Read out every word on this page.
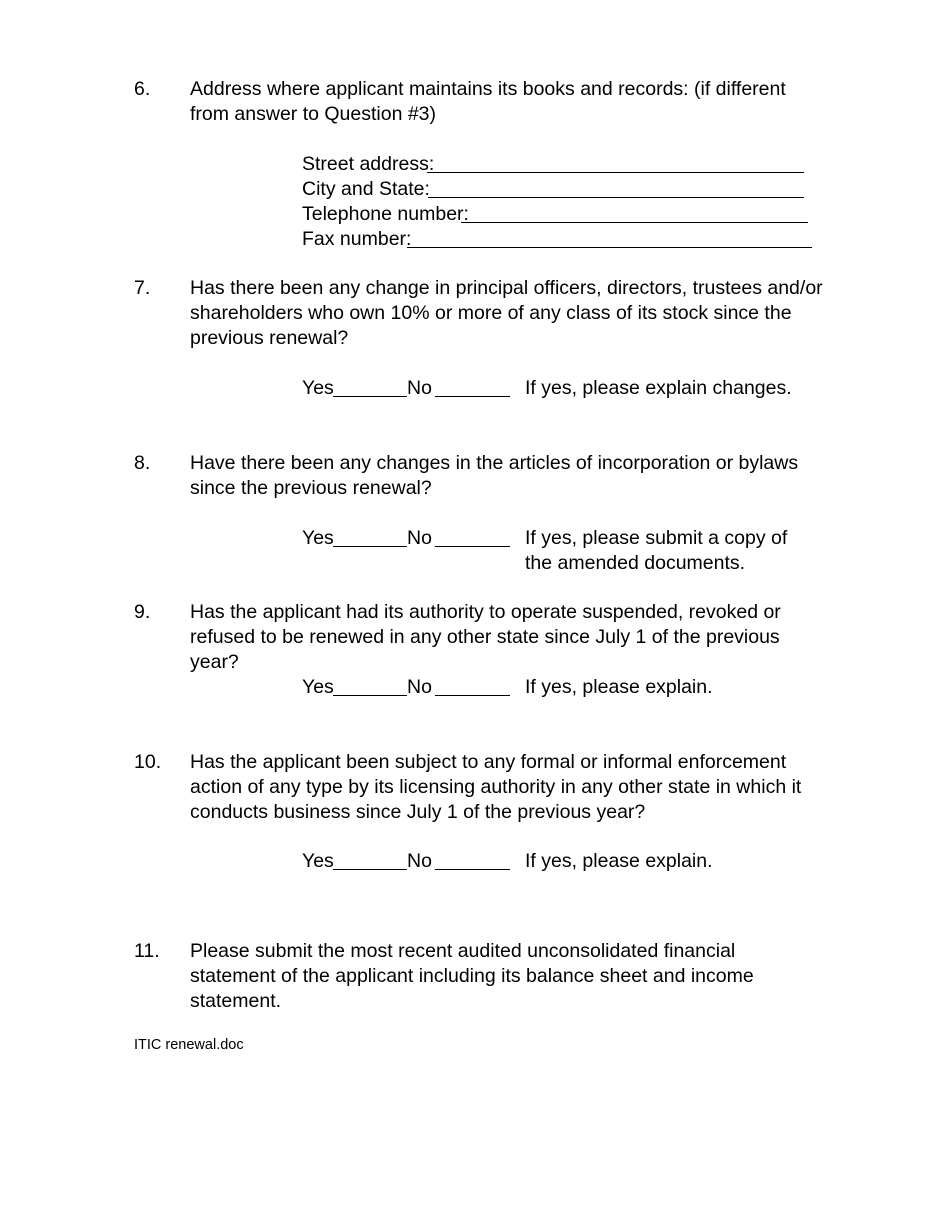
6. Address where applicant maintains its books and records: (if different from answer to Question #3)
Street address:
City and State:
Telephone number:
Fax number:
7. Has there been any change in principal officers, directors, trustees and/or shareholders who own 10% or more of any class of its stock since the previous renewal?
Yes	No	If yes, please explain changes.
8. Have there been any changes in the articles of incorporation or bylaws since the previous renewal?
Yes	No	If yes, please submit a copy of the amended documents.
9. Has the applicant had its authority to operate suspended, revoked or refused to be renewed in any other state since July 1 of the previous year?
Yes	No	If yes, please explain.
10. Has the applicant been subject to any formal or informal enforcement action of any type by its licensing authority in any other state in which it conducts business since July 1 of the previous year?
Yes	No	If yes, please explain.
11. Please submit the most recent audited unconsolidated financial statement of the applicant including its balance sheet and income statement.
ITIC renewal.doc
